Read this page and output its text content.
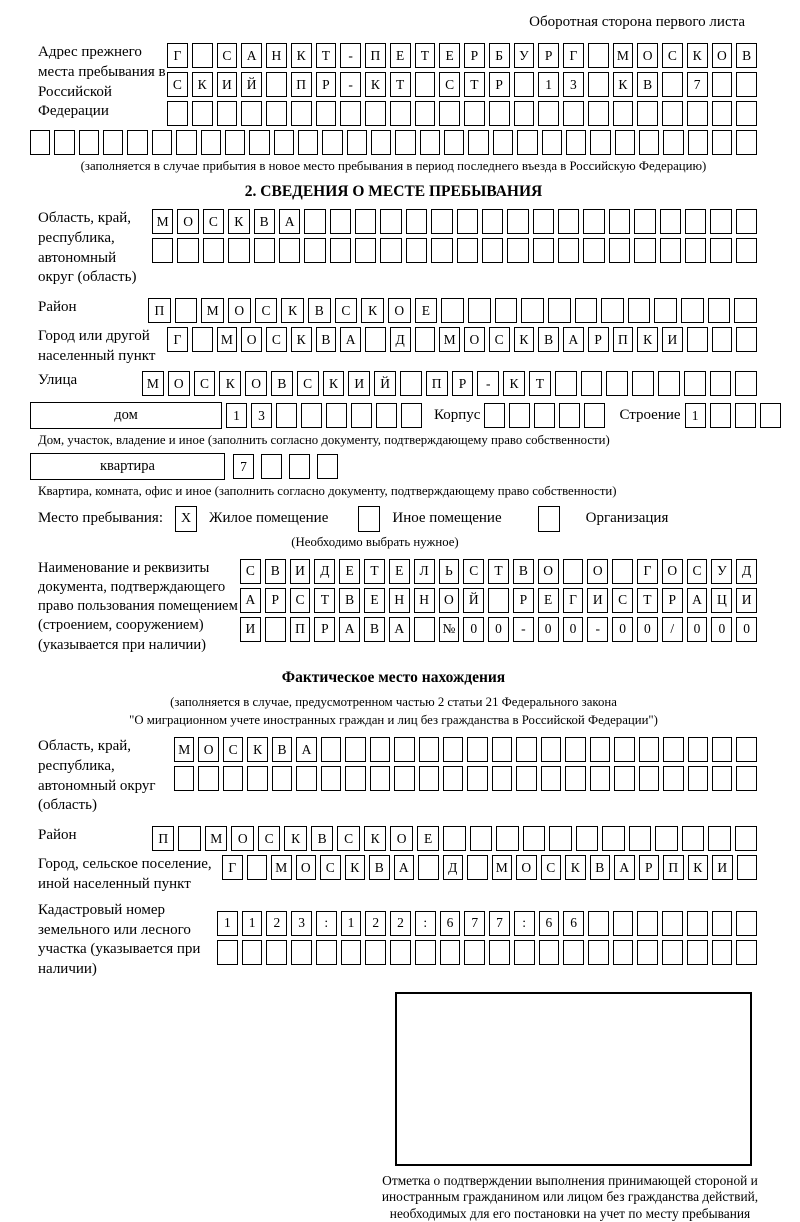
Оборотная сторона первого листа
Адрес прежнего места пребывания в Российской Федерации
Г	С	А	Н	К	Т	-	П	Е	Т	Е	Р	Б	У	Р	Г	М	О	С	К	О	В
С	К	И	Й	П	Р	-	К	Т	С	Т	Р	1	3	К	В	7
(заполняется в случае прибытия в новое место пребывания в период последнего въезда в Российскую Федерацию)
2. СВЕДЕНИЯ О МЕСТЕ ПРЕБЫВАНИЯ
Область, край, республика, автономный округ (область)
М	О	С	К	В	А
Район	П	М	О	С	К	В	С	К	О	Е
Город или другой населенный пункт
Г	М	О	С	К	В	А	Д	М	О	С	К	В	А	Р	П	К	И
Улица	М	О	С	К	О	В	С	К	И	Й	П	Р	-	К	Т
дом	1	3	Корпус	Строение 1
Дом, участок, владение и иное (заполнить согласно документу, подтверждающему право собственности)
квартира	7
Квартира, комната, офис и иное (заполнить согласно документу, подтверждающему право собственности)
Место пребывания:	X	Жилое помещение	Иное помещение	Организация
(Необходимо выбрать нужное)
Наименование и реквизиты документа, подтверждающего право пользования помещением (строением, сооружением) (указывается при наличии)
С	В	И	Д	Е	Т	Е	Л	Ь	С	Т	В	О	О	Г	О	С	У	Д
А	Р	С	Т	В	Е	Н	Н	О	Й	Р	Е	Г	И	С	Т	Р	А	Ц	И
И	П	Р	А	В	А	№	0	0	-	0	0	-	0	0	/	0	0	0
Фактическое место нахождения
(заполняется в случае, предусмотренном частью 2 статьи 21 Федерального закона
"О миграционном учете иностранных граждан и лиц без гражданства в Российской Федерации")
Область, край, республика, автономный округ (область)
М	О	С	К	В	А
Район	П	М	О	С	К	В	С	К	О	Е
Город, сельское поселение, иной населенный пункт
Г	М	О	С	К	В	А	Д	М	О	С	К	В	А	Р	П	К	И
Кадастровый номер земельного или лесного участка (указывается при наличии)
1	1	2	3	:	1	2	2	:	6	7	7	:	6	6
Отметка о подтверждении выполнения принимающей стороной и иностранным гражданином или лицом без гражданства действий, необходимых для его постановки на учет по месту пребывания
